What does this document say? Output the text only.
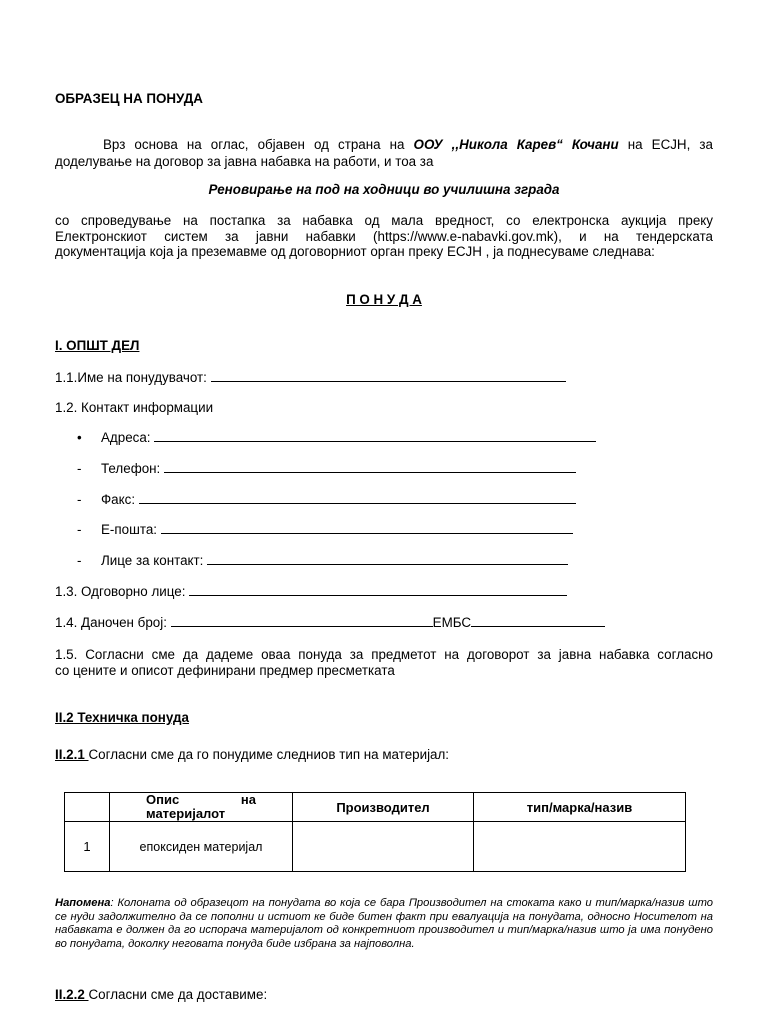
ОБРАЗЕЦ НА ПОНУДА
Врз основа на оглас, објавен од страна на ООУ ,,Никола Карев“ Кочани на ЕСЈН, за
доделување на договор за јавна набавка на работи, и тоа за
Реновирање на под на ходници во училишна зграда
со спроведување на постапка за набавка од мала вредност, со електронска аукција преку
Електронскиот систем за јавни набавки (https://www.e-nabavki.gov.mk), и на тендерската
документација која ја преземавме од договорниот орган преку ЕСЈН , ја поднесуваме следнава:
П О Н У Д А
I. ОПШТ ДЕЛ
1.1.Име на понудувачот:
1.2. Контакт информации
• Адреса:
- Телефон:
- Факс:
- Е-пошта:
- Лице за контакт:
1.3. Одговорно лице:
1.4. Даночен број:	ЕМБС
1.5. Согласни сме да дадеме оваа понуда за предметот на договорот за јавна набавка согласно
со цените и описот дефинирани предмер пресметката
II.2 Техничка понуда
II.2.1 Согласни сме да го понудиме следниов тип на материјал:
	Опис на материјалот	Производител	тип/марка/назив
1	епоксиден материјал		
Напомена: Колоната од образецот на понудата во која се бара Производител на стоката како и тип/марка/назив што се нуди задолжително да се пополни и истиот ке биде битен факт при евалуација на понудата, односно Носителот на набавката е должен да го испорача материјалот од конкретниот производител и тип/марка/назив што ја има понудено во понудата, доколку неговата понуда биде избрана за најповолна.
II.2.2 Согласни сме да доставиме:
